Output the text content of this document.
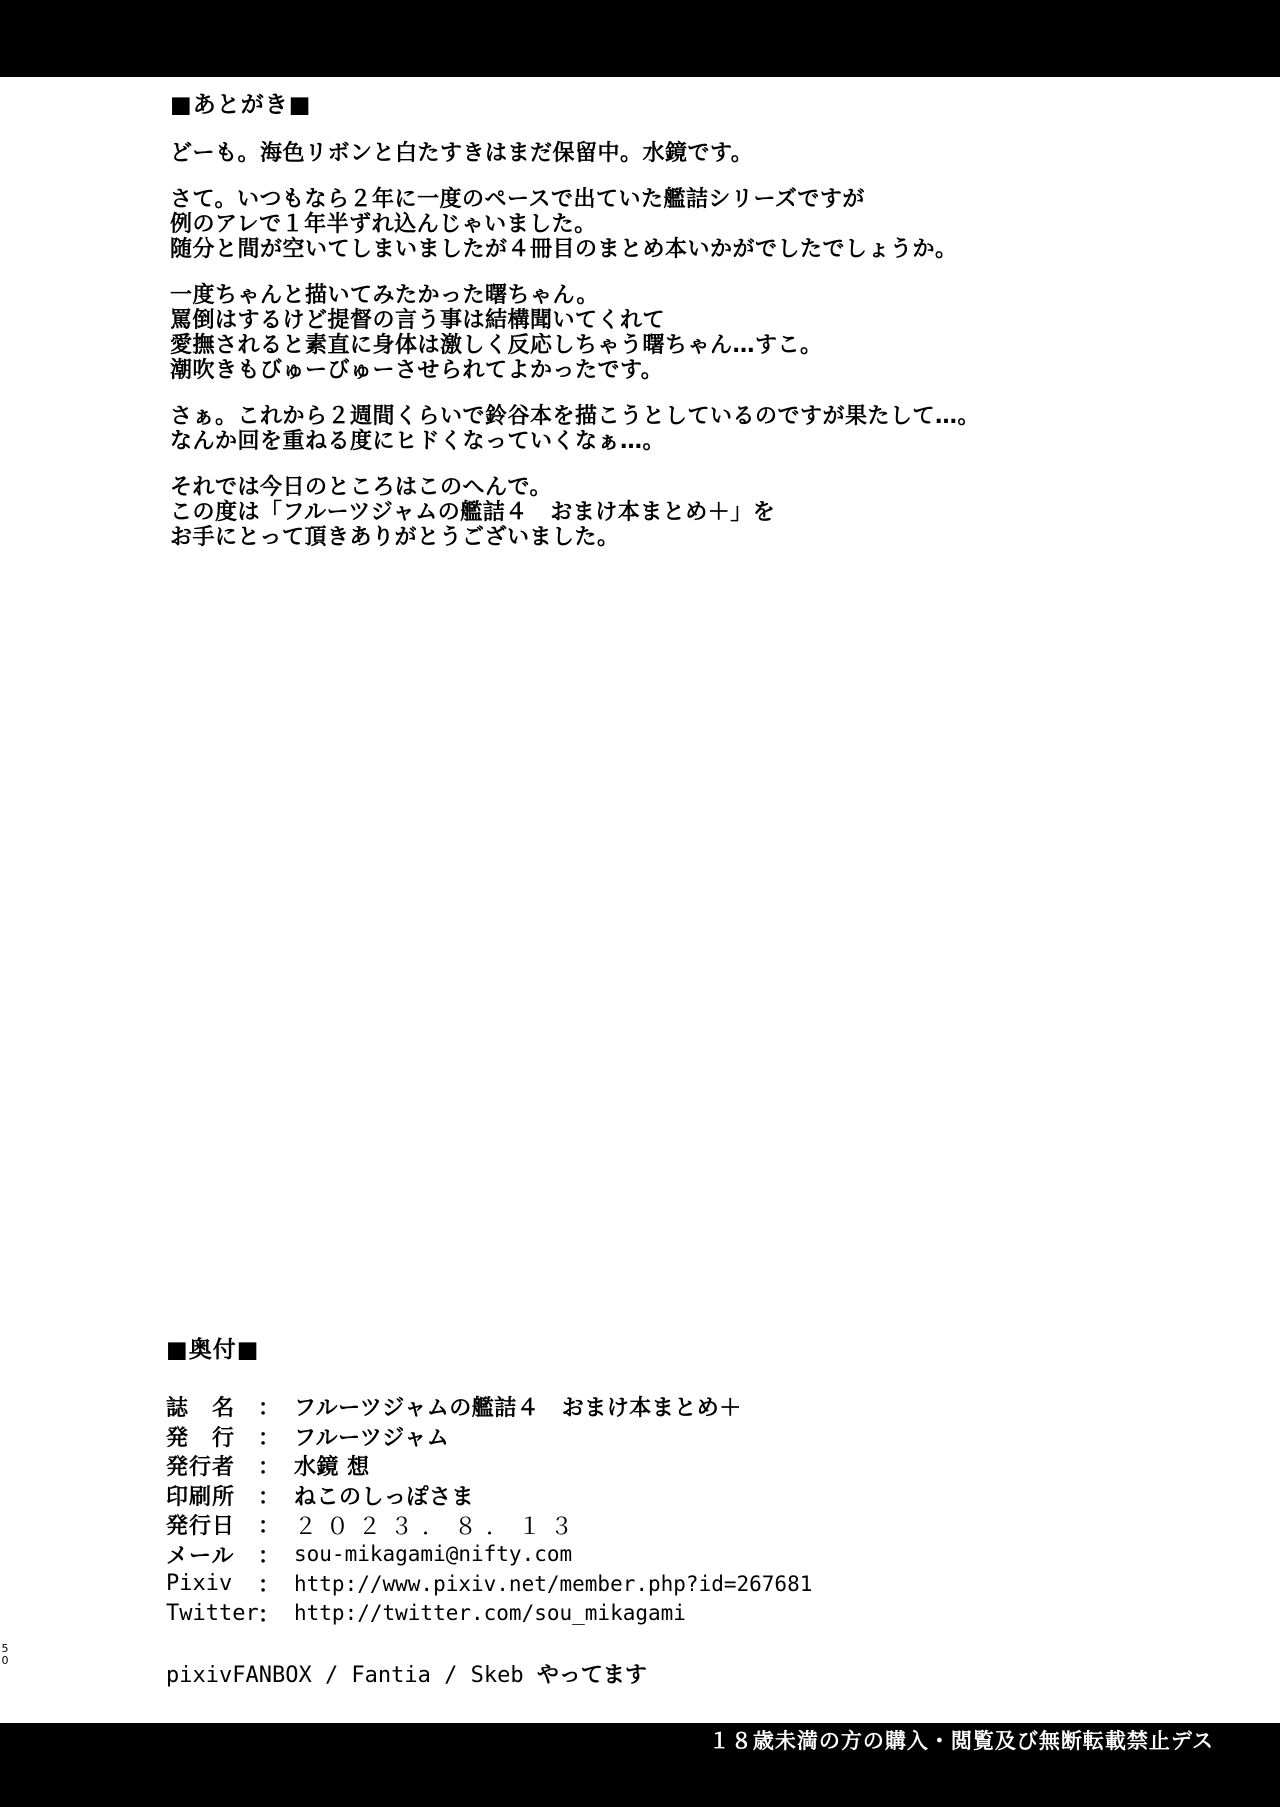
■あとがき■
どーも。海色リボンと白たすきはまだ保留中。水鏡です。
さて。いつもなら２年に一度のペースで出ていた艦詰シリーズですが
例のアレで１年半ずれ込んじゃいました。
随分と間が空いてしまいましたが４冊目のまとめ本いかがでしたでしょうか。
一度ちゃんと描いてみたかった曙ちゃん。
罵倒はするけど提督の言う事は結構聞いてくれて
愛撫されると素直に身体は激しく反応しちゃう曙ちゃん…すこ。
潮吹きもびゅーびゅーさせられてよかったです。
さぁ。これから２週間くらいで鈴谷本を描こうとしているのですが果たして…。
なんか回を重ねる度にヒドくなっていくなぁ…。
それでは今日のところはこのへんで。
この度は「フルーツジャムの艦詰４　おまけ本まとめ＋」を
お手にとって頂きありがとうございました。
■奥付■
誌　名	： フルーツジャムの艦詰４　おまけ本まとめ＋
発　行	： フルーツジャム
発行者	： 水鏡 想
印刷所	： ねこのしっぽさま
発行日	： ２０２３．８．１３
メール	： sou-mikagami@nifty.com
Pixiv	： http://www.pixiv.net/member.php?id=267681
Twitter ： http://twitter.com/sou_mikagami
pixivFANBOX / Fantia / Skeb やってます
50
１８歳未満の方の購入・閲覧及び無断転載禁止デス
